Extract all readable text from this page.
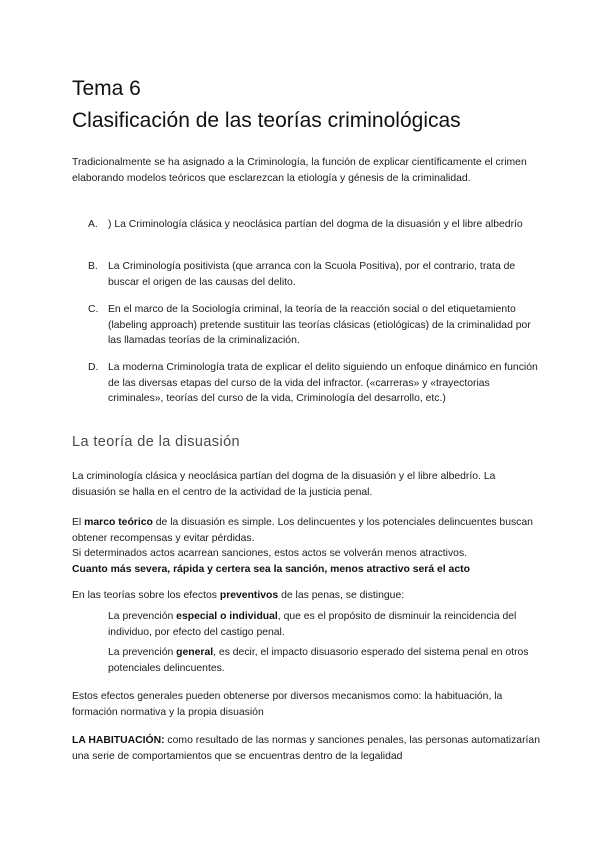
Tema 6
Clasificación de las teorías criminológicas
Tradicionalmente se ha asignado a la Criminología, la función de explicar científicamente el crimen elaborando modelos teóricos que esclarezcan la etiología y génesis de la criminalidad.
A. ) La Criminología clásica y neoclásica partían del dogma de la disuasión y el libre albedrío
B. La Criminología positivista (que arranca con la Scuola Positiva), por el contrario, trata de buscar el origen de las causas del delito.
C. En el marco de la Sociología criminal, la teoría de la reacción social o del etiquetamiento (labeling approach) pretende sustituir las teorías clásicas (etiológicas) de la criminalidad por las llamadas teorías de la criminalización.
D. La moderna Criminología trata de explicar el delito siguiendo un enfoque dinámico en función de las diversas etapas del curso de la vida del infractor. («carreras» y «trayectorias criminales», teorías del curso de la vida, Criminología del desarrollo, etc.)
La teoría de la disuasión
La criminología clásica y neoclásica partían del dogma de la disuasión y el libre albedrío. La disuasión se halla en el centro de la actividad de la justicia penal.
El marco teórico de la disuasión es simple. Los delincuentes y los potenciales delincuentes buscan obtener recompensas y evitar pérdidas.
Si determinados actos acarrean sanciones, estos actos se volverán menos atractivos.
Cuanto más severa, rápida y certera sea la sanción, menos atractivo será el acto
En las teorías sobre los efectos preventivos de las penas, se distingue:
La prevención especial o individual, que es el propósito de disminuir la reincidencia del individuo, por efecto del castigo penal.
La prevención general, es decir, el impacto disuasorio esperado del sistema penal en otros potenciales delincuentes.
Estos efectos generales pueden obtenerse por diversos mecanismos como: la habituación, la formación normativa y la propia disuasión
LA HABITUACIÓN: como resultado de las normas y sanciones penales, las personas automatizarían una serie de comportamientos que se encuentras dentro de la legalidad
